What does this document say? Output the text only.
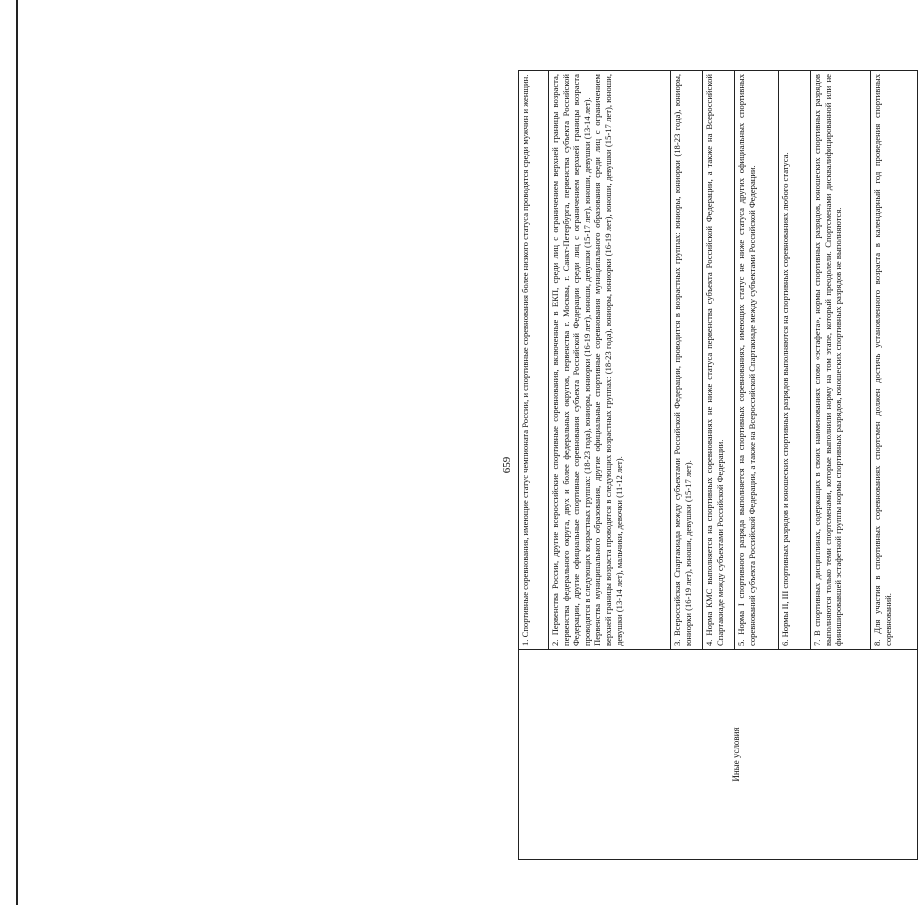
659
Иные условия
1. Спортивные соревнования, имеющие статус чемпионата России, и спортивные соревнования более низкого статуса проводятся среди мужчин и женщин.	2. Первенства России, другие всероссийские спортивные соревнования, включенные в ЕКП, среди лиц с ограничением верхней границы возраста, первенства федерального округа, двух и более федеральных округов, первенства г. Москвы, г. Санкт-Петербурга, первенства субъекта Российской Федерации, другие официальные спортивные соревнования субъекта Российской Федерации среди лиц с ограничением верхней границы возраста проводятся в следующих возрастных группах: (18-23 года), юниоры, юниорки (16-19 лет), юноши, девушки (15-17 лет), юноши, девушки (13-14 лет). Первенства муниципального образования, другие официальные спортивные соревнования муниципального образования среди лиц с ограничением верхней границы возраста проводятся в следующих возрастных группах: (18-23 года), юниоры, юниорки (16-19 лет), юноши, девушки (15-17 лет), юноши, девушки (13-14 лет), мальчики, девочки (11-12 лет).	3. Всероссийская Спартакиада между субъектами Российской Федерации, проводится в возрастных группах: юниоры, юниорки (18-23 года), юниоры, юниорки (16-19 лет), юноши, девушки (15-17 лет).	4. Норма КМС выполняется на спортивных соревнованиях не ниже статуса первенства субъекта Российской Федерации, а также на Всероссийской Спартакиаде между субъектами Российской Федерации.	5. Норма I спортивного разряда выполняется на спортивных соревнованиях, имеющих статус не ниже статуса других официальных спортивных соревнований субъекта Российской Федерации, а также на Всероссийской Спартакиаде между субъектами Российской Федерации.	6. Нормы II, III спортивных разрядов и юношеских спортивных разрядов выполняются на спортивных соревнованиях любого статуса.	7. В спортивных дисциплинах, содержащих в своих наименованиях слово «эстафета», нормы спортивных разрядов, юношеских спортивных разрядов выполняются только теми спортсменами, которые выполнили норму на том этапе, который преодолели. Спортсменами дисквалифицированной или не финишировавшей эстафетной группы нормы спортивных разрядов, юношеских спортивных разрядов не выполняются.	8. Для участия в спортивных соревнованиях спортсмен должен достичь установленного возраста в календарный год проведения спортивных соревнований.
